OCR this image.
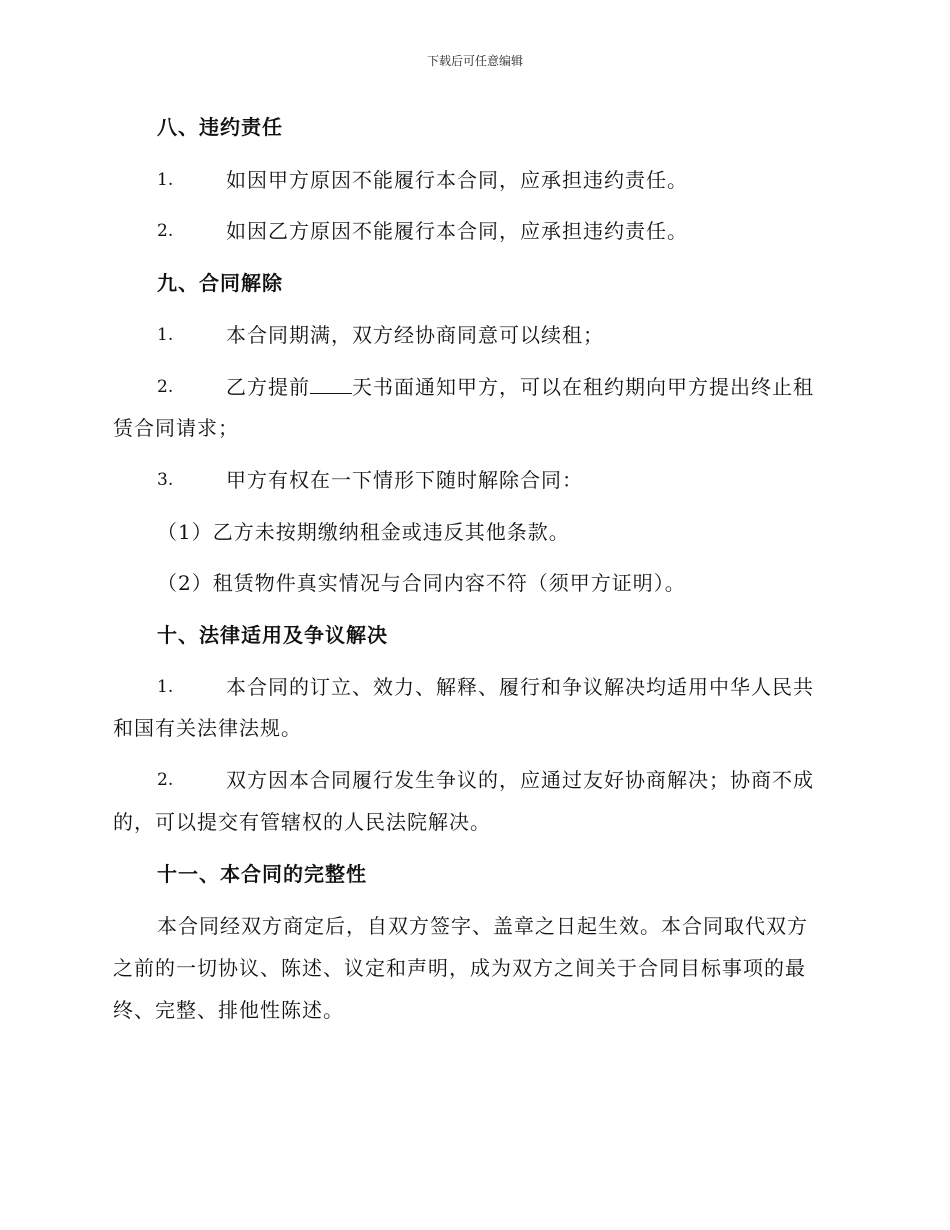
下载后可任意编辑
八、违约责任
1.	如因甲方原因不能履行本合同，应承担违约责任。
2.	如因乙方原因不能履行本合同，应承担违约责任。
九、合同解除
1.	本合同期满，双方经协商同意可以续租；
2.	乙方提前 天书面通知甲方，可以在租约期向甲方提出终止租
赁合同请求；
3.	甲方有权在一下情形下随时解除合同：
（1）乙方未按期缴纳租金或违反其他条款。
（2）租赁物件真实情况与合同内容不符（须甲方证明）。
十、法律适用及争议解决
1.	本合同的订立、效力、解释、履行和争议解决均适用中华人民共
和国有关法律法规。
2.	双方因本合同履行发生争议的，应通过友好协商解决；协商不成
的，可以提交有管辖权的人民法院解决。
十一、本合同的完整性
本合同经双方商定后，自双方签字、盖章之日起生效。本合同取代双方
之前的一切协议、陈述、议定和声明，成为双方之间关于合同目标事项的最
终、完整、排他性陈述。
